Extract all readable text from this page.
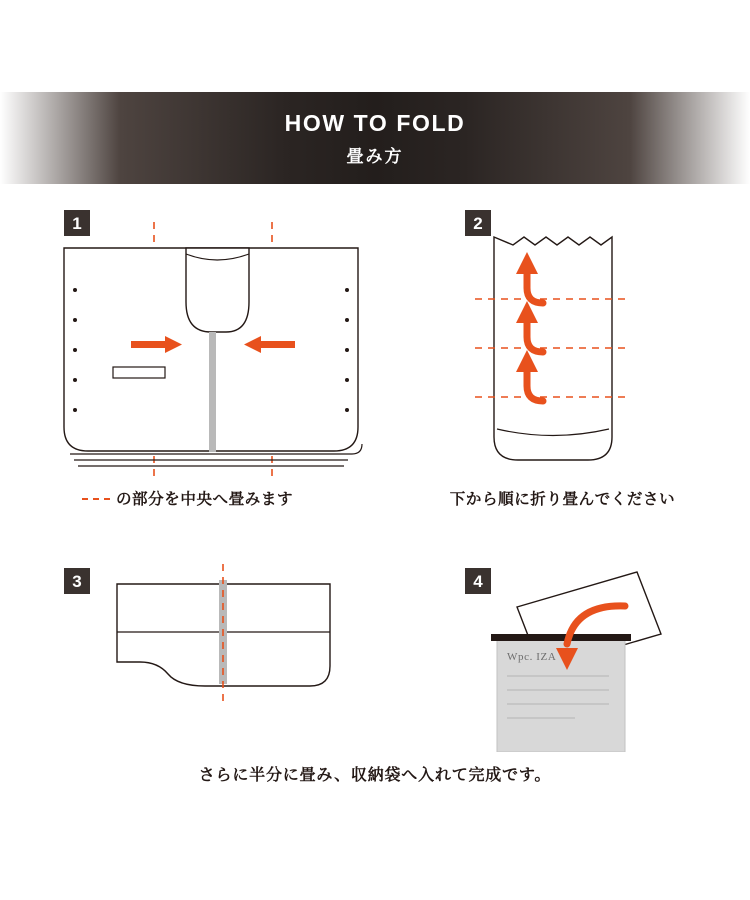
HOW TO FOLD
畳み方
1
の部分を中央へ畳みます
2
下から順に折り畳んでください
3	4
Wpc. IZA
さらに半分に畳み、収納袋へ入れて完成です。
